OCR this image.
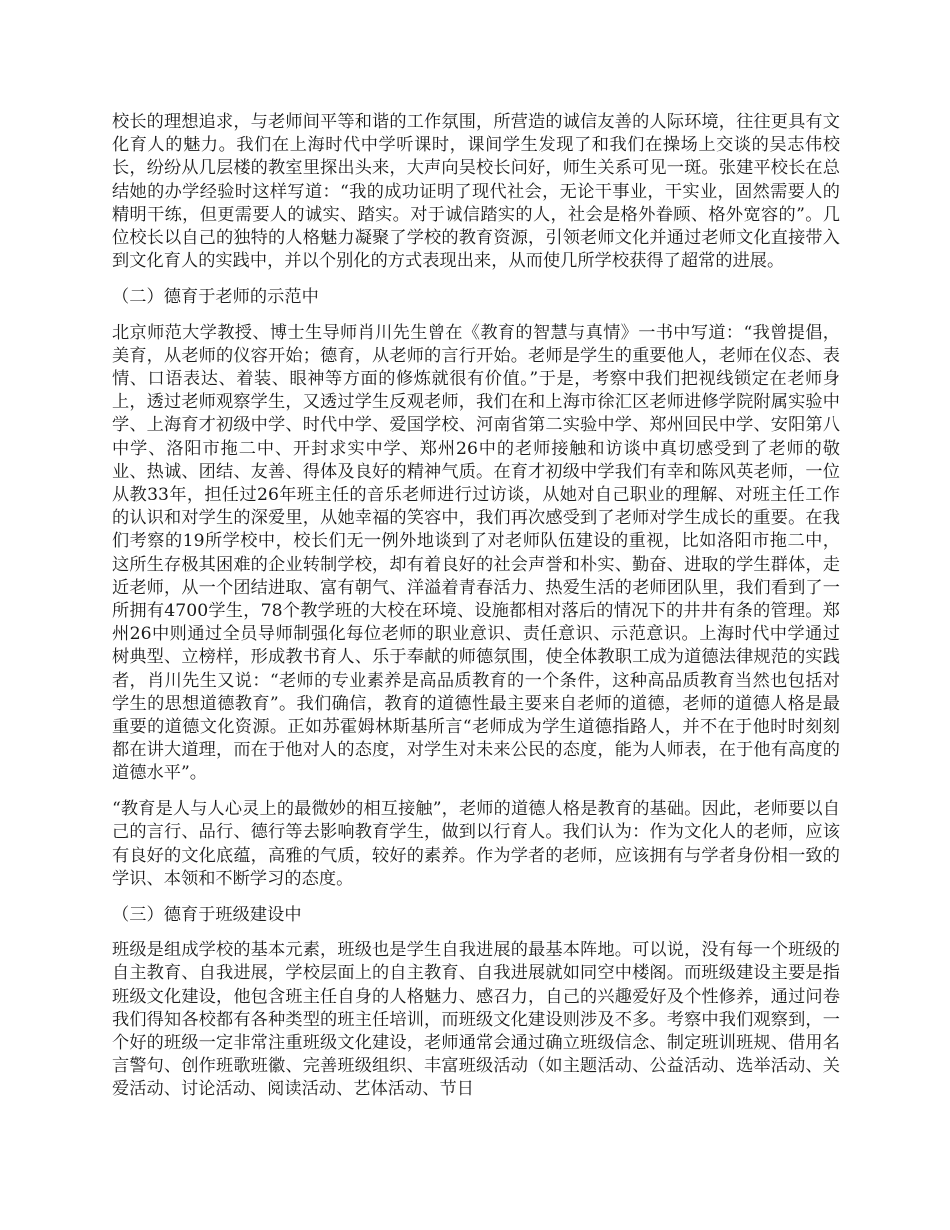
校长的理想追求，与老师间平等和谐的工作氛围，所营造的诚信友善的人际环境，往往更具有文化育人的魅力。我们在上海时代中学听课时，课间学生发现了和我们在操场上交谈的吴志伟校长，纷纷从几层楼的教室里探出头来，大声向吴校长问好，师生关系可见一斑。张建平校长在总结她的办学经验时这样写道：“我的成功证明了现代社会，无论干事业，干实业，固然需要人的精明干练，但更需要人的诚实、踏实。对于诚信踏实的人，社会是格外眷顾、格外宽容的”。几位校长以自己的独特的人格魅力凝聚了学校的教育资源，引领老师文化并通过老师文化直接带入到文化育人的实践中，并以个别化的方式表现出来，从而使几所学校获得了超常的进展。

（二）德育于老师的示范中

北京师范大学教授、博士生导师肖川先生曾在《教育的智慧与真情》一书中写道：“我曾提倡，美育，从老师的仪容开始；德育，从老师的言行开始。老师是学生的重要他人，老师在仪态、表情、口语表达、着装、眼神等方面的修炼就很有价值。”于是，考察中我们把视线锁定在老师身上，透过老师观察学生，又透过学生反观老师，我们在和上海市徐汇区老师进修学院附属实验中学、上海育才初级中学、时代中学、爱国学校、河南省第二实验中学、郑州回民中学、安阳第八中学、洛阳市拖二中、开封求实中学、郑州26中的老师接触和访谈中真切感受到了老师的敬业、热诚、团结、友善、得体及良好的精神气质。在育才初级中学我们有幸和陈风英老师，一位从教33年，担任过26年班主任的音乐老师进行过访谈，从她对自己职业的理解、对班主任工作的认识和对学生的深爱里，从她幸福的笑容中，我们再次感受到了老师对学生成长的重要。在我们考察的19所学校中，校长们无一例外地谈到了对老师队伍建设的重视，比如洛阳市拖二中，这所生存极其困难的企业转制学校，却有着良好的社会声誉和朴实、勤奋、进取的学生群体，走近老师，从一个团结进取、富有朝气、洋溢着青春活力、热爱生活的老师团队里，我们看到了一所拥有4700学生，78个教学班的大校在环境、设施都相对落后的情况下的井井有条的管理。郑州26中则通过全员导师制强化每位老师的职业意识、责任意识、示范意识。上海时代中学通过树典型、立榜样，形成教书育人、乐于奉献的师德氛围，使全体教职工成为道德法律规范的实践者，肖川先生又说：“老师的专业素养是高品质教育的一个条件，这种高品质教育当然也包括对学生的思想道德教育”。我们确信，教育的道德性最主要来自老师的道德，老师的道德人格是最重要的道德文化资源。正如苏霍姆林斯基所言“老师成为学生道德指路人，并不在于他时时刻刻都在讲大道理，而在于他对人的态度，对学生对未来公民的态度，能为人师表，在于他有高度的道德水平”。

“教育是人与人心灵上的最微妙的相互接触”，老师的道德人格是教育的基础。因此，老师要以自己的言行、品行、德行等去影响教育学生，做到以行育人。我们认为：作为文化人的老师，应该有良好的文化底蕴，高雅的气质，较好的素养。作为学者的老师，应该拥有与学者身份相一致的学识、本领和不断学习的态度。

（三）德育于班级建设中

班级是组成学校的基本元素，班级也是学生自我进展的最基本阵地。可以说，没有每一个班级的自主教育、自我进展，学校层面上的自主教育、自我进展就如同空中楼阁。而班级建设主要是指班级文化建设，他包含班主任自身的人格魅力、感召力，自己的兴趣爱好及个性修养，通过问卷我们得知各校都有各种类型的班主任培训，而班级文化建设则涉及不多。考察中我们观察到，一个好的班级一定非常注重班级文化建设，老师通常会通过确立班级信念、制定班训班规、借用名言警句、创作班歌班徽、完善班级组织、丰富班级活动（如主题活动、公益活动、选举活动、关爱活动、讨论活动、阅读活动、艺体活动、节日
